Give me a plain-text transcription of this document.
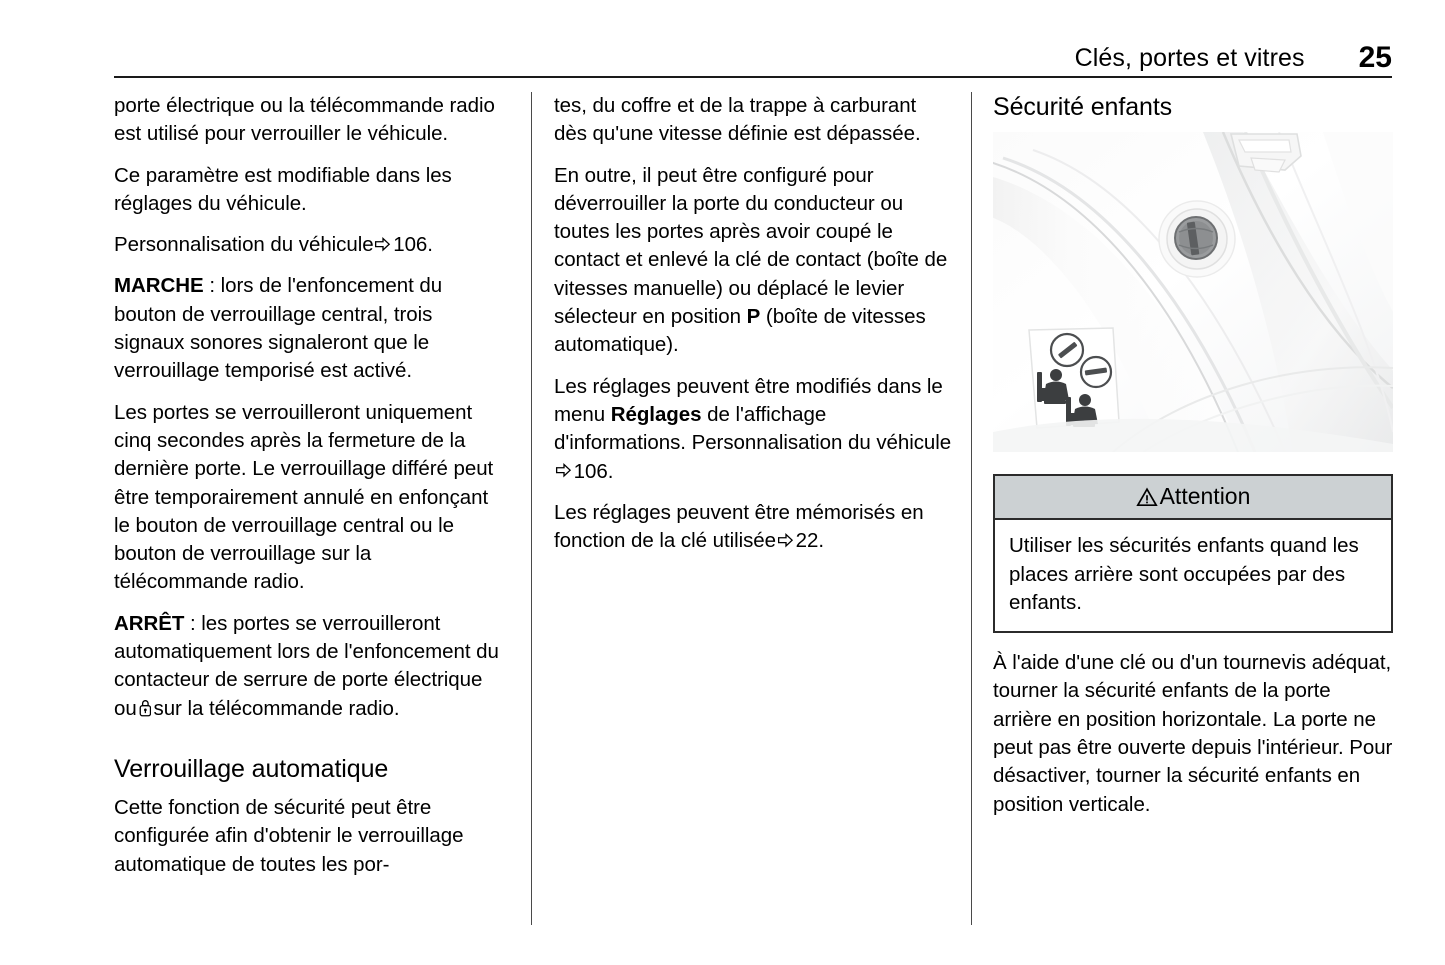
Clés, portes et vitres 25

porte électrique ou la télécommande radio est utilisé pour verrouiller le véhicule.

Ce paramètre est modifiable dans les réglages du véhicule.

Personnalisation du véhicule 106.

MARCHE : lors de l'enfoncement du bouton de verrouillage central, trois signaux sonores signaleront que le verrouillage temporisé est activé.

Les portes se verrouilleront uniquement cinq secondes après la fermeture de la dernière porte. Le verrouillage différé peut être temporairement annulé en enfonçant le bouton de verrouillage central ou le bouton de verrouillage sur la télécommande radio.

ARRÊT : les portes se verrouilleront automatiquement lors de l'enfoncement du contacteur de serrure de porte électrique ou sur la télécommande radio.

Verrouillage automatique

Cette fonction de sécurité peut être configurée afin d'obtenir le verrouillage automatique de toutes les por-

tes, du coffre et de la trappe à carburant dès qu'une vitesse définie est dépassée.

En outre, il peut être configuré pour déverrouiller la porte du conducteur ou toutes les portes après avoir coupé le contact et enlevé la clé de contact (boîte de vitesses manuelle) ou déplacé le levier sélecteur en position P (boîte de vitesses automatique).

Les réglages peuvent être modifiés dans le menu Réglages de l'affichage d'informations. Personnalisation du véhicule
106.

Les réglages peuvent être mémorisés en fonction de la clé utilisée 22.

Sécurité enfants
Attention
Utiliser les sécurités enfants quand les places arrière sont occupées par des enfants.

À l'aide d'une clé ou d'un tournevis adéquat, tourner la sécurité enfants de la porte arrière en position horizontale. La porte ne peut pas être ouverte depuis l'intérieur. Pour désactiver, tourner la sécurité enfants en position verticale.
